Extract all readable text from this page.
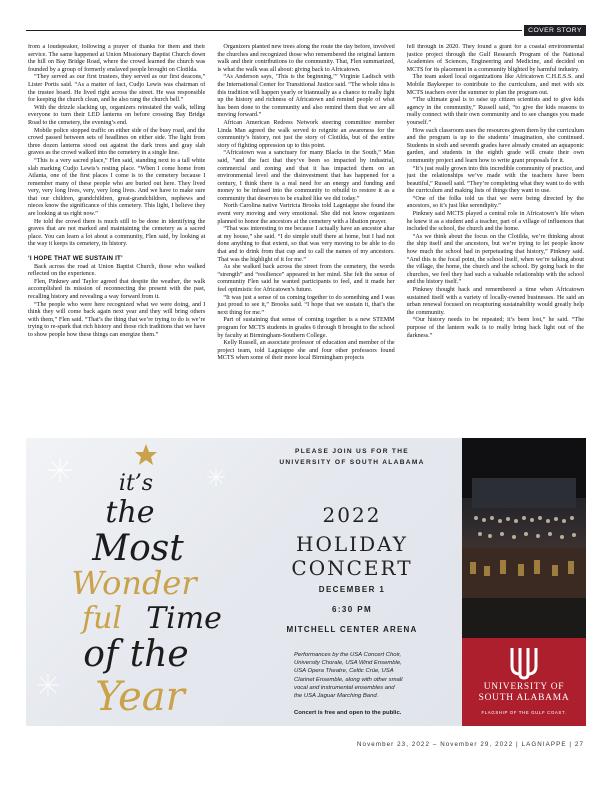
COVER STORY

from a loudspeaker, following a prayer of thanks for them and their service. The same happened at Union Missionary Baptist Church down the hill on Bay Bridge Road, where the crowd learned the church was founded by a group of formerly enslaved people brought on Clotilda.

“They served as our first trustees, they served as our first deacons,” Lister Portis said. “As a matter of fact, Cudjo Lewis was chairman of the trustee board. He lived right across the street. He was responsible for keeping the church clean, and he also rang the church bell.”

With the drizzle slacking up, organizers reinstated the walk, telling everyone to turn their LED lanterns on before crossing Bay Bridge Road to the cemetery, the evening’s end.

Mobile police stopped traffic on either side of the busy road, and the crowd passed between sets of headlines on either side. The light from three dozen lanterns stood out against the dark trees and gray slab graves as the crowd walked into the cemetery in a single line.

“This is a very sacred place,” Flen said, standing next to a tall white slab marking Cudjo Lewis’s resting place. “When I come home from Atlanta, one of the first places I come is to the cemetery because I remember many of these people who are buried out here. They lived very, very long lives, very, very long lives. And we have to make sure that our children, grandchildren, great-grandchildren, nephews and nieces know the significance of this cemetery. This light, I believe they are looking at us right now.”

He told the crowd there is much still to be done in identifying the graves that are not marked and maintaining the cemetery as a sacred place. You can learn a lot about a community, Flen said, by looking at the way it keeps its cemetery, its history.

‘I HOPE THAT WE SUSTAIN IT’

Back across the road at Union Baptist Church, those who walked reflected on the experience.

Flen, Pinkney and Taylor agreed that despite the weather, the walk accomplished its mission of reconnecting the present with the past, recalling history and revealing a way forward from it.

“The people who were here recognized what we were doing, and I think they will come back again next year and they will bring others with them,” Flen said. “That’s the thing that we’re trying to do is we’re trying to re-spark that rich history and those rich traditions that we have to show people how these things can energize them.”

Organizers planted new trees along the route the day before, involved the churches and recognized those who remembered the original lantern walk and their contributions to the community. That, Flen summarized, is what the walk was all about: giving back to Africatown.

“As Anderson says, ‘This is the beginning,’” Virginie Ladisch with the International Center for Transitional Justice said. “The whole idea is this tradition will happen yearly or biannually as a chance to really light up the history and richness of Africatown and remind people of what has been done to the community and also remind them that we are all moving forward.”

African American Redress Network steering committee member Linda Man agreed the walk served to reignite an awareness for the community’s history, not just the story of Clotilda, but of the entire story of fighting oppression up to this point.

“Africatown was a sanctuary for many Blacks in the South,” Man said, “and the fact that they’ve been so impacted by industrial, commercial and zoning and that it has impacted them on an environmental level and the disinvestment that has happened for a century, I think there is a real need for an energy and funding and money to be infused into the community to rebuild to restore it as a community that deserves to be exalted like we did today.”

North Carolina native Vartricia Brooks told Lagniappe she found the event very moving and very emotional. She did not know organizers planned to honor the ancestors at the cemetery with a libation prayer.

“That was interesting to me because I actually have an ancestor altar at my house,” she said. “I do simple stuff there at home, but I had not done anything to that extent, so that was very moving to be able to do that and to drink from that cup and to call the names of my ancestors. That was the highlight of it for me.”

As she walked back across the street from the cemetery, the words “strength” and “resilience” appeared in her mind. She felt the sense of community Flen said he wanted participants to feel, and it made her feel optimistic for Africatown’s future.

“It was just a sense of us coming together to do something and I was just proud to see it,” Brooks said. “I hope that we sustain it, that’s the next thing for me.”

Part of sustaining that sense of coming together is a new STEMM program for MCTS students in grades 6 through 8 brought to the school by faculty at Birmingham-Southern College.

Kelly Russell, an associate professor of education and member of the project team, told Lagniappe she and four other professors found MCTS when some of their more local Birmingham projects

fell through in 2020. They found a grant for a coastal environmental justice project through the Gulf Research Program of the National Academies of Sciences, Engineering and Medicine, and decided on MCTS for its placement in a community blighted by harmful industry.

The team asked local organizations like Africatown C.H.E.S.S. and Mobile Baykeeper to contribute to the curriculum, and met with six MCTS teachers over the summer to plan the program out.

“The ultimate goal is to raise up citizen scientists and to give kids agency in the community,” Russell said, “to give the kids reasons to really connect with their own community and to see changes you made yourself.”

How each classroom uses the resources given them by the curriculum and the program is up to the students’ imagination, she continued. Students in sixth and seventh grades have already created an aquaponic garden, and students in the eighth grade will create their own community project and learn how to write grant proposals for it.

“It’s just really grown into this incredible community of practice, and just the relationships we’ve made with the teachers have been beautiful,” Russell said. “They’re completing what they want to do with the curriculum and making lists of things they want to use.

“One of the folks told us that we were being directed by the ancestors, so it’s just like serendipity.”

Pinkney said MCTS played a central role in Africatown’s life when he knew it as a student and a teacher, part of a village of influences that included the school, the church and the home.

“As we think about the focus on the Clotilda, we’re thinking about the ship itself and the ancestors, but we’re trying to let people know how much the school had in perpetuating that history,” Pinkney said. “And this is the focal point, the school itself, when we’re talking about the village, the home, the church and the school. By going back to the churches, we feel they had such a valuable relationship with the school and the history itself.”

Pinkney thought back and remembered a time when Africatown sustained itself with a variety of locally-owned businesses. He said an urban renewal focused on recapturing sustainability would greatly help the community.

“Our history needs to be repeated; it’s been lost,” he said. “The purpose of the lantern walk is to really bring back light out of the darkness.”

it’s
the
Most
Wonder
ful Time
of the
Year
PLEASE JOIN US FOR THE
UNIVERSITY OF SOUTH ALABAMA
2022
HOLIDAY
CONCERT
DECEMBER 1
6:30 PM
MITCHELL CENTER ARENA
Performances by the USA Concert Choir,
University Chorale, USA Wind Ensemble,
USA Opera Theatre, Celtic Crüe, USA
Clarinet Ensemble, along with other small
vocal and instrumental ensembles and
the USA Jaguar Marching Band.
Concert is free and open to the public.
UNIVERSITY OF
SOUTH ALABAMA
FLAGSHIP OF THE GULF COAST.
November 23, 2022 – November 29, 2022 | LAGNIAPPE | 27
